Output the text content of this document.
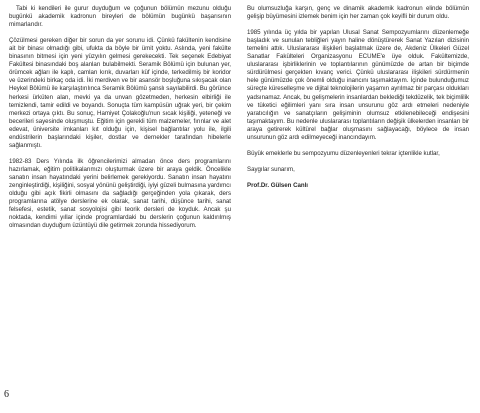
Tabi ki kendileri ile gurur duyduğum ve çoğunun bölümün mezunu olduğu bugünkü akademik kadronun bireyleri de bölümün bugünkü başarısının mimarlarıdır.

Çözülmesi gereken diğer bir sorun da yer sorunu idi. Çünkü fakültenin kendisine ait bir binası olmadığı gibi, ufukta da böyle bir ümit yoktu. Aslında, yeni fakülte binasının bitmesi için yeni yüzyılın gelmesi gerekecekti. Tek seçenek Edebiyat Fakültesi binasındaki boş alanları bulabilmekti. Seramik Bölümü için bulunan yer, örümcek ağları ile kaplı, camları kırık, duvarları küf içinde, terkedilmiş bir koridor ve üzerindeki birkaç oda idi. İki merdiven ve bir asansör boşluğuna sıkışacak olan Heykel Bölümü ile karşılaştırılınca Seramik Bölümü şanslı sayılabilirdi. Bu görünce herkesi ürküten alan, mevki ya da unvan gözetmeden, herkesin elbirliği ile temizlendi, tamir edildi ve boyandı. Sonuçta tüm kampüsün uğrak yeri, bir çekim merkezi ortaya çıktı. Bu sonuç, Hamiyet Çolakoğlu'nun sıcak kişiliği, yeteneği ve becerileri sayesinde oluşmuştu. Eğitim için gerekli tüm malzemeler, fırınlar ve alet edevat, üniversite imkanları kıt olduğu için, kişisel bağlantılar yolu ile, ilgili endüstrilerin başlarındaki kişiler, dostlar ve dernekler tarafından hibelerle sağlanmıştı.

1982-83 Ders Yılında ilk öğrencilerimizi almadan önce ders programlarını hazırlamak, eğitim politikalarımızı oluşturmak üzere bir araya geldik. Öncelikle sanatın insan hayatındaki yerini belirlemek gerekiyordu. Sanatın insan hayatını zenginleştirdiği, kişiliğini, sosyal yönünü geliştirdiği, iyiyi güzeli bulmasına yardımcı olduğu gibi açık fikirli olmasını da sağladığı gerçeğinden yola çıkarak, ders programlarına atölye derslerine ek olarak, sanat tarihi, düşünce tarihi, sanat felsefesi, estetik, sanat sosyolojisi gibi teorik dersleri de koyduk. Ancak şu noktada, kendimi yıllar içinde programlardaki bu derslerin çoğunun kaldırılmış olmasından duyduğum üzüntüyü dile getirmek zorunda hissediyorum.

Bu olumsuzluğa karşın, genç ve dinamik akademik kadronun elinde bölümün gelişip büyümesini izlemek benim için her zaman çok keyifli bir durum oldu.

1985 yılında üç yılda bir yapılan Ulusal Sanat Sempozyumlarını düzenlemeğe başladık ve sunulan tebliğleri yayın haline dönüştürerek Sanat Yazıları dizisinin temelini attık. Uluslararası ilişkileri başlatmak üzere de, Akdeniz Ülkeleri Güzel Sanatlar Fakülteleri Organizasyonu ECUME'e üye olduk. Fakültemizde, uluslararası işbirliklerinin ve toplantılarının günümüzde de artan bir biçimde sürdürülmesi gerçekten kıvanç verici. Çünkü uluslararası ilişkileri sürdürmenin hele günümüzde çok önemli olduğu inancını taşımaktayım. İçinde bulunduğumuz süreçte küreselleşme ve dijital teknolojilerin yaşamın ayrılmaz bir parçası oldukları yadsınamaz. Ancak, bu gelişmelerin insanlardan beklediği tekdüzelik, tek biçimlilik ve tüketici eğilimleri yanı sıra insan unsurunu göz ardı etmeleri nedeniyle yaratıcılığın ve sanatçıların gelişiminin olumsuz etkilenebileceği endişesini taşımaktayım. Bu nedenle uluslararası toplantıların değişik ülkelerden insanları bir araya getirerek kültürel bağlar oluşmasını sağlayacağı, böylece de insan unsurunun göz ardı edilmeyeceği inancındayım.

Büyük emeklerle bu sempozyumu düzenleyenleri tekrar içtenlikle kutlar,

Saygılar sunarım,

Prof.Dr. Gülsen Canlı

6
